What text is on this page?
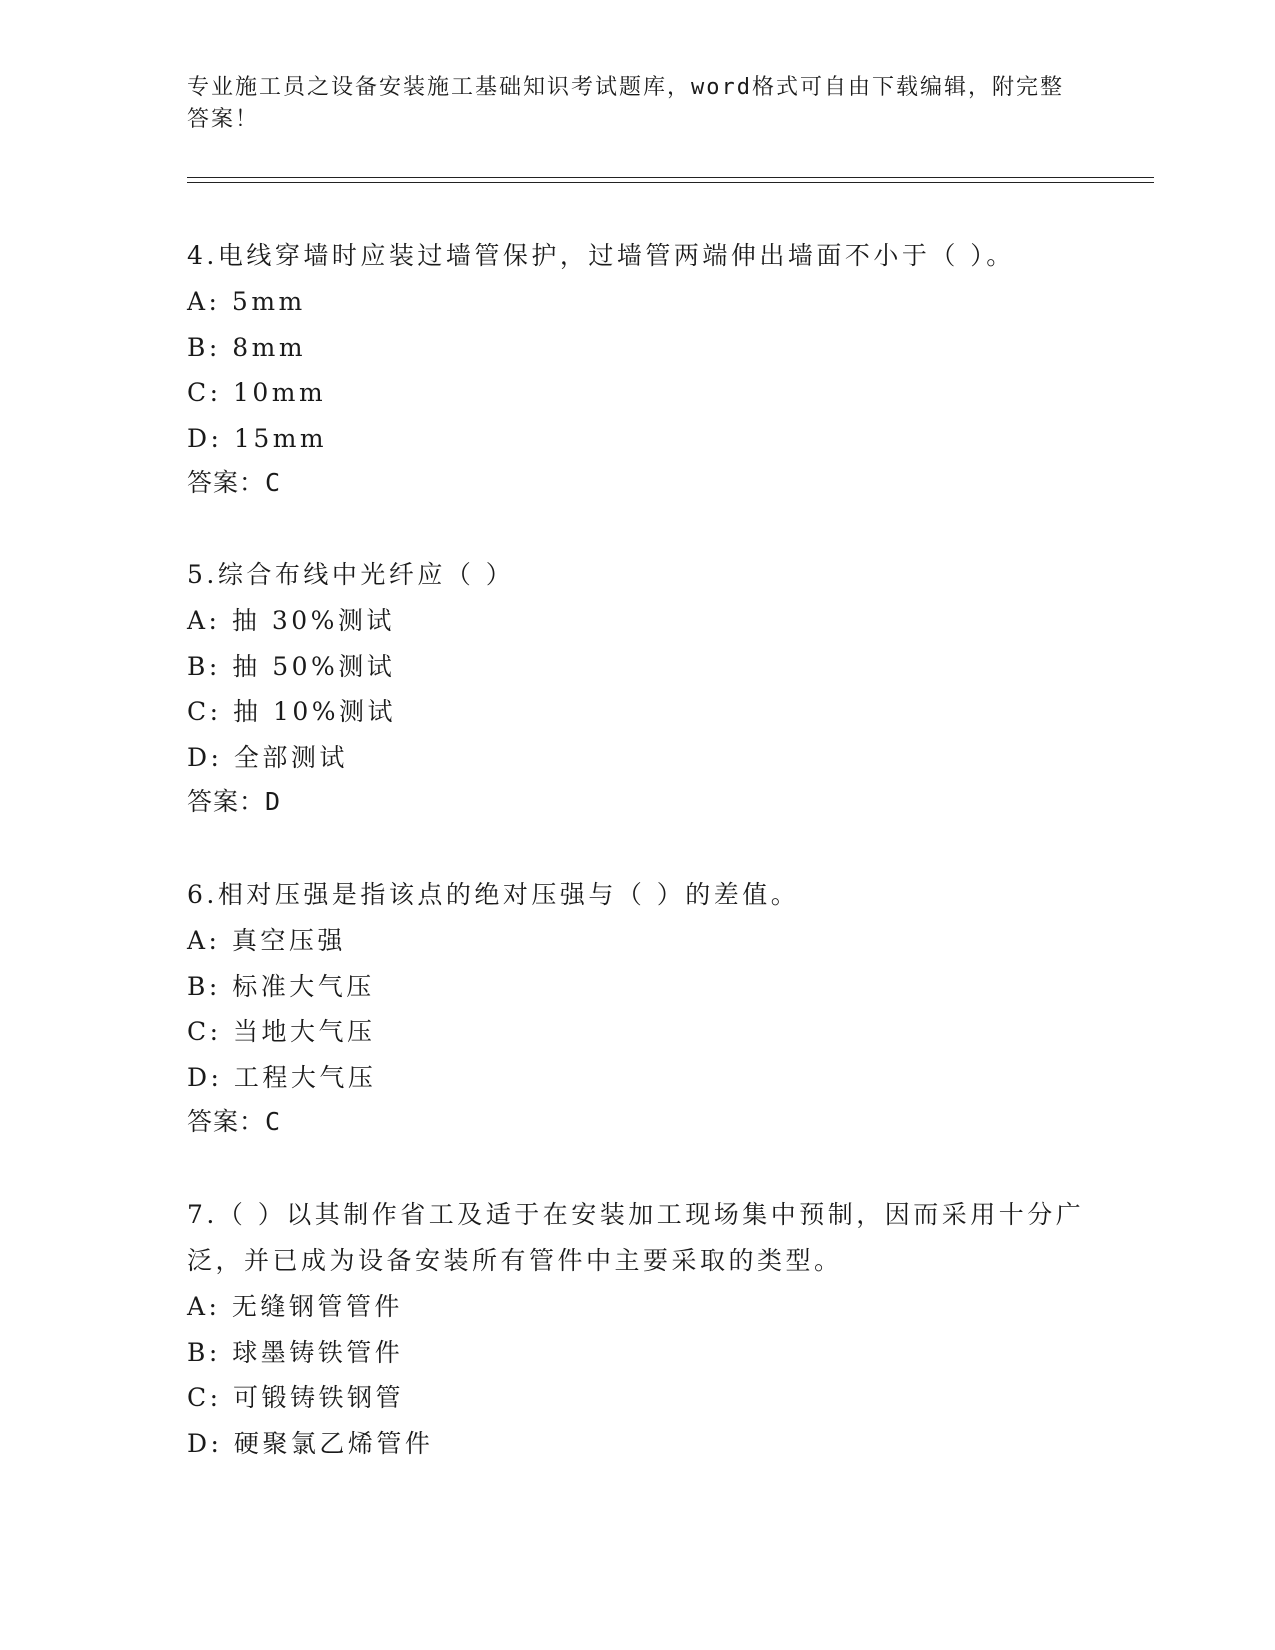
专业施工员之设备安装施工基础知识考试题库，word格式可自由下载编辑，附完整答案！

4.电线穿墙时应装过墙管保护，过墙管两端伸出墙面不小于（ ）。

A: 5mm

B: 8mm

C: 10mm

D: 15mm

答案：C

5.综合布线中光纤应（ ）

A: 抽 30%测试

B: 抽 50%测试

C: 抽 10%测试

D: 全部测试

答案：D

6.相对压强是指该点的绝对压强与（ ）的差值。

A: 真空压强

B: 标准大气压

C: 当地大气压

D: 工程大气压

答案：C

7.（ ）以其制作省工及适于在安装加工现场集中预制，因而采用十分广泛，并已成为设备安装所有管件中主要采取的类型。

A: 无缝钢管管件

B: 球墨铸铁管件

C: 可锻铸铁钢管

D: 硬聚氯乙烯管件
